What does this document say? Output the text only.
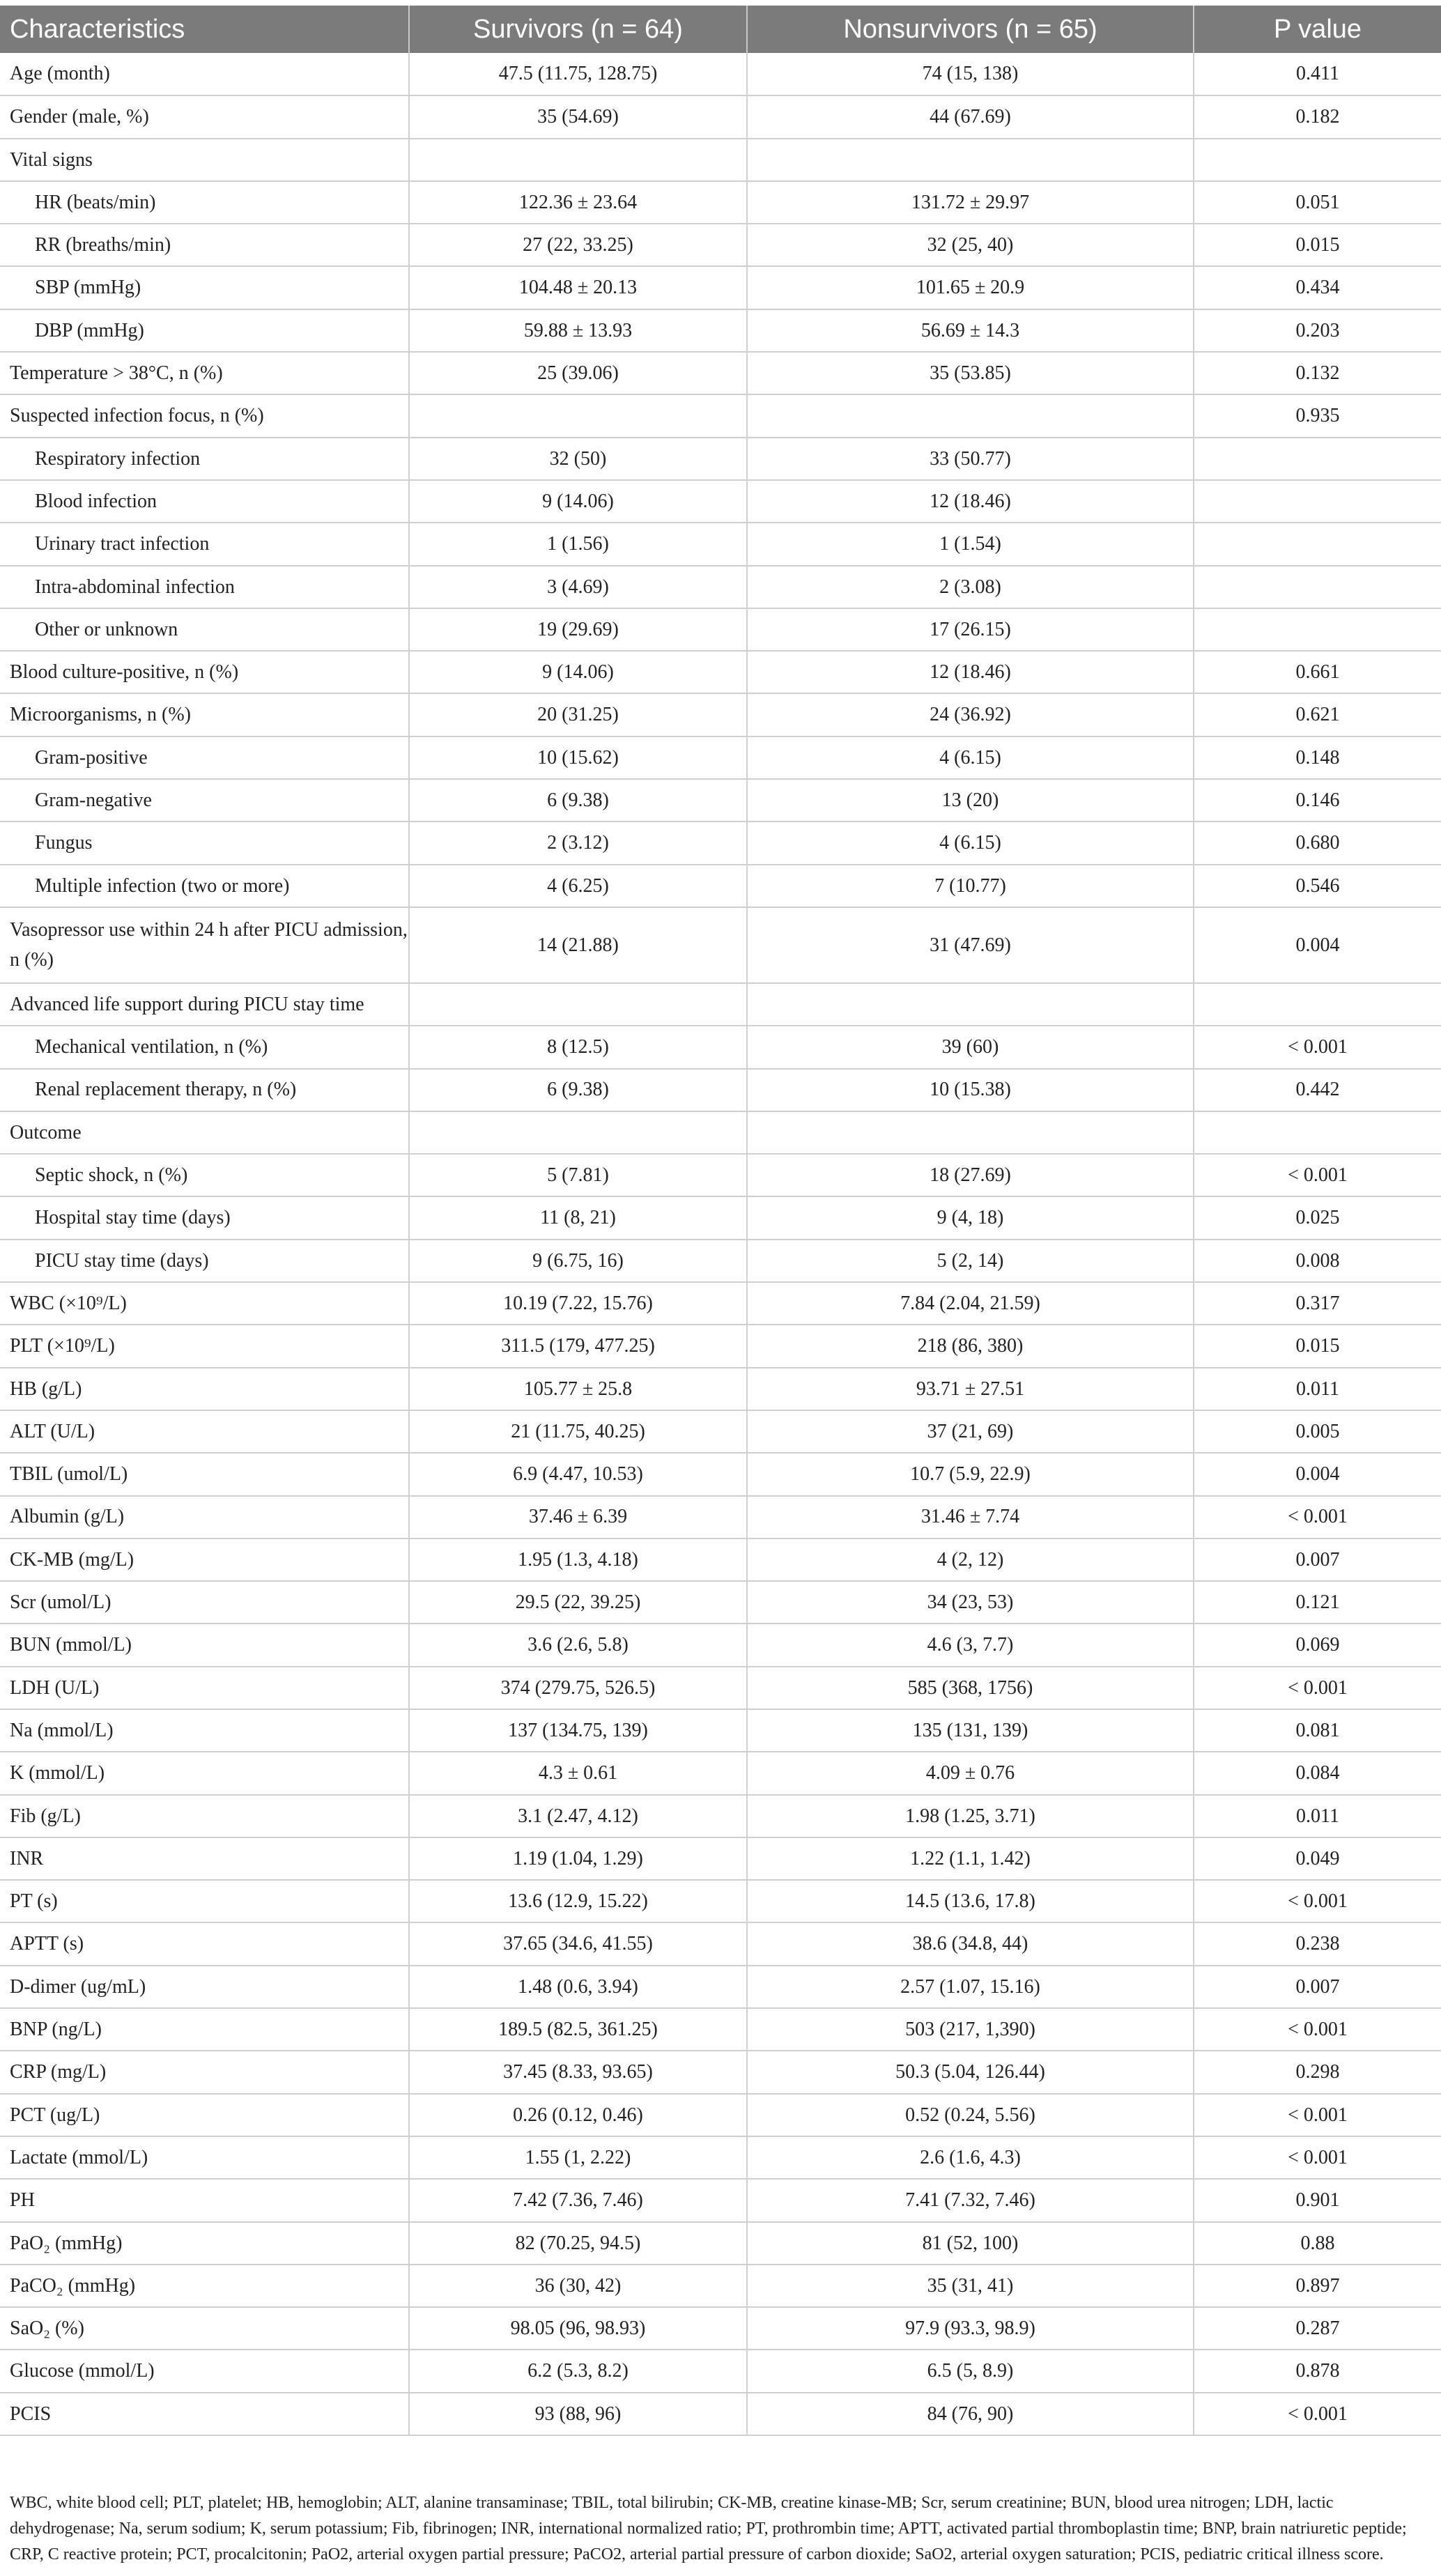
Characteristics	Survivors (n = 64)	Nonsurvivors (n = 65)	P value
Age (month)	47.5 (11.75, 128.75)	74 (15, 138)	0.411
Gender (male, %)	35 (54.69)	44 (67.69)	0.182
Vital signs			
HR (beats/min)	122.36 ± 23.64	131.72 ± 29.97	0.051
RR (breaths/min)	27 (22, 33.25)	32 (25, 40)	0.015
SBP (mmHg)	104.48 ± 20.13	101.65 ± 20.9	0.434
DBP (mmHg)	59.88 ± 13.93	56.69 ± 14.3	0.203
Temperature > 38°C, n (%)	25 (39.06)	35 (53.85)	0.132
Suspected infection focus, n (%)			0.935
Respiratory infection	32 (50)	33 (50.77)	
Blood infection	9 (14.06)	12 (18.46)	
Urinary tract infection	1 (1.56)	1 (1.54)	
Intra-abdominal infection	3 (4.69)	2 (3.08)	
Other or unknown	19 (29.69)	17 (26.15)	
Blood culture-positive, n (%)	9 (14.06)	12 (18.46)	0.661
Microorganisms, n (%)	20 (31.25)	24 (36.92)	0.621
Gram-positive	10 (15.62)	4 (6.15)	0.148
Gram-negative	6 (9.38)	13 (20)	0.146
Fungus	2 (3.12)	4 (6.15)	0.680
Multiple infection (two or more)	4 (6.25)	7 (10.77)	0.546
Vasopressor use within 24 h after PICU admission, n (%)	14 (21.88)	31 (47.69)	0.004
Advanced life support during PICU stay time			
Mechanical ventilation, n (%)	8 (12.5)	39 (60)	< 0.001
Renal replacement therapy, n (%)	6 (9.38)	10 (15.38)	0.442
Outcome			
Septic shock, n (%)	5 (7.81)	18 (27.69)	< 0.001
Hospital stay time (days)	11 (8, 21)	9 (4, 18)	0.025
PICU stay time (days)	9 (6.75, 16)	5 (2, 14)	0.008
WBC (×10⁹/L)	10.19 (7.22, 15.76)	7.84 (2.04, 21.59)	0.317
PLT (×10⁹/L)	311.5 (179, 477.25)	218 (86, 380)	0.015
HB (g/L)	105.77 ± 25.8	93.71 ± 27.51	0.011
ALT (U/L)	21 (11.75, 40.25)	37 (21, 69)	0.005
TBIL (umol/L)	6.9 (4.47, 10.53)	10.7 (5.9, 22.9)	0.004
Albumin (g/L)	37.46 ± 6.39	31.46 ± 7.74	< 0.001
CK-MB (mg/L)	1.95 (1.3, 4.18)	4 (2, 12)	0.007
Scr (umol/L)	29.5 (22, 39.25)	34 (23, 53)	0.121
BUN (mmol/L)	3.6 (2.6, 5.8)	4.6 (3, 7.7)	0.069
LDH (U/L)	374 (279.75, 526.5)	585 (368, 1756)	< 0.001
Na (mmol/L)	137 (134.75, 139)	135 (131, 139)	0.081
K (mmol/L)	4.3 ± 0.61	4.09 ± 0.76	0.084
Fib (g/L)	3.1 (2.47, 4.12)	1.98 (1.25, 3.71)	0.011
INR	1.19 (1.04, 1.29)	1.22 (1.1, 1.42)	0.049
PT (s)	13.6 (12.9, 15.22)	14.5 (13.6, 17.8)	< 0.001
APTT (s)	37.65 (34.6, 41.55)	38.6 (34.8, 44)	0.238
D-dimer (ug/mL)	1.48 (0.6, 3.94)	2.57 (1.07, 15.16)	0.007
BNP (ng/L)	189.5 (82.5, 361.25)	503 (217, 1,390)	< 0.001
CRP (mg/L)	37.45 (8.33, 93.65)	50.3 (5.04, 126.44)	0.298
PCT (ug/L)	0.26 (0.12, 0.46)	0.52 (0.24, 5.56)	< 0.001
Lactate (mmol/L)	1.55 (1, 2.22)	2.6 (1.6, 4.3)	< 0.001
PH	7.42 (7.36, 7.46)	7.41 (7.32, 7.46)	0.901
PaO₂ (mmHg)	82 (70.25, 94.5)	81 (52, 100)	0.88
PaCO₂ (mmHg)	36 (30, 42)	35 (31, 41)	0.897
SaO₂ (%)	98.05 (96, 98.93)	97.9 (93.3, 98.9)	0.287
Glucose (mmol/L)	6.2 (5.3, 8.2)	6.5 (5, 8.9)	0.878
PCIS	93 (88, 96)	84 (76, 90)	< 0.001
WBC, white blood cell; PLT, platelet; HB, hemoglobin; ALT, alanine transaminase; TBIL, total bilirubin; CK-MB, creatine kinase-MB; Scr, serum creatinine; BUN, blood urea nitrogen; LDH, lactic dehydrogenase; Na, serum sodium; K, serum potassium; Fib, fibrinogen; INR, international normalized ratio; PT, prothrombin time; APTT, activated partial thromboplastin time; BNP, brain natriuretic peptide; CRP, C reactive protein; PCT, procalcitonin; PaO2, arterial oxygen partial pressure; PaCO2, arterial partial pressure of carbon dioxide; SaO2, arterial oxygen saturation; PCIS, pediatric critical illness score.
